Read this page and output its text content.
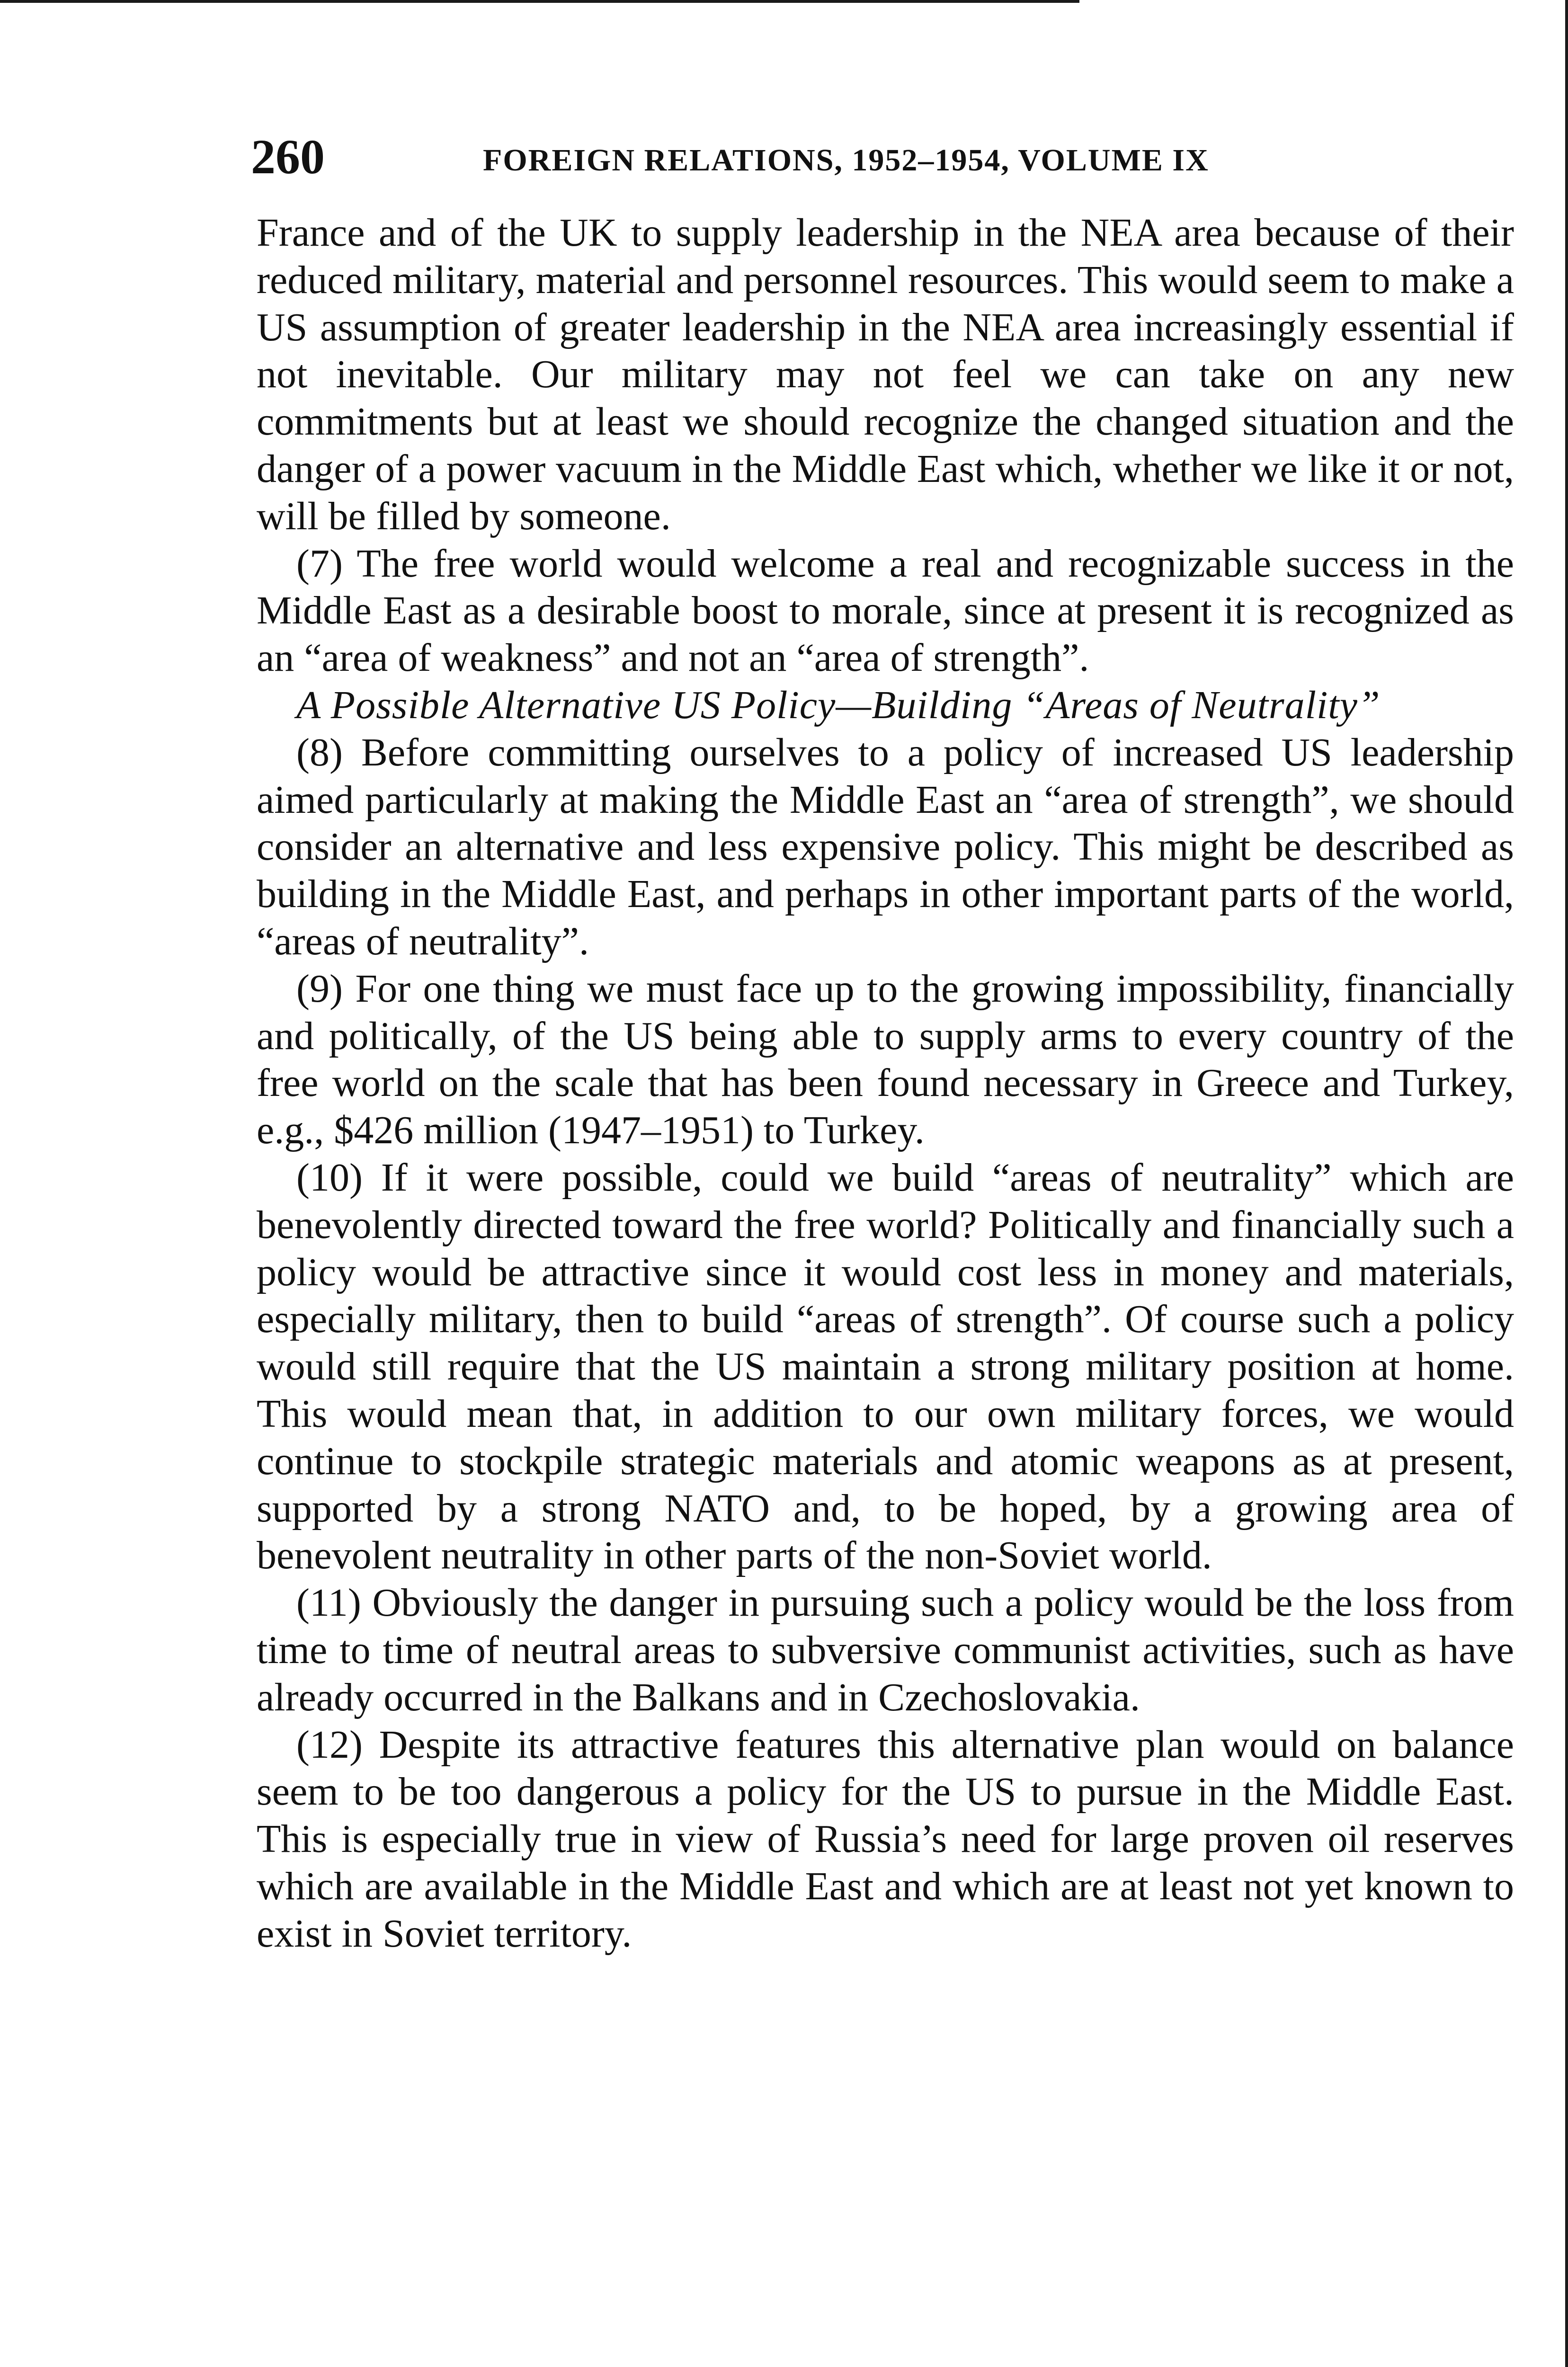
260	FOREIGN RELATIONS, 1952–1954, VOLUME IX

France and of the UK to supply leadership in the NEA area because of their reduced military, material and personnel resources. This would seem to make a US assumption of greater leadership in the NEA area increasingly essential if not inevitable. Our military may not feel we can take on any new commitments but at least we should recognize the changed situation and the danger of a power vacuum in the Middle East which, whether we like it or not, will be filled by someone.

(7) The free world would welcome a real and recognizable success in the Middle East as a desirable boost to morale, since at present it is recognized as an “area of weakness” and not an “area of strength”.

A Possible Alternative US Policy—Building “Areas of Neutrality”

(8) Before committing ourselves to a policy of increased US leadership aimed particularly at making the Middle East an “area of strength”, we should consider an alternative and less expensive policy. This might be described as building in the Middle East, and perhaps in other important parts of the world, “areas of neutrality”.

(9) For one thing we must face up to the growing impossibility, financially and politically, of the US being able to supply arms to every country of the free world on the scale that has been found necessary in Greece and Turkey, e.g., $426 million (1947–1951) to Turkey.

(10) If it were possible, could we build “areas of neutrality” which are benevolently directed toward the free world? Politically and financially such a policy would be attractive since it would cost less in money and materials, especially military, then to build “areas of strength”. Of course such a policy would still require that the US maintain a strong military position at home. This would mean that, in addition to our own military forces, we would continue to stockpile strategic materials and atomic weapons as at present, supported by a strong NATO and, to be hoped, by a growing area of benevolent neutrality in other parts of the non-Soviet world.

(11) Obviously the danger in pursuing such a policy would be the loss from time to time of neutral areas to subversive communist activities, such as have already occurred in the Balkans and in Czechoslovakia.

(12) Despite its attractive features this alternative plan would on balance seem to be too dangerous a policy for the US to pursue in the Middle East. This is especially true in view of Russia’s need for large proven oil reserves which are available in the Middle East and which are at least not yet known to exist in Soviet territory.
